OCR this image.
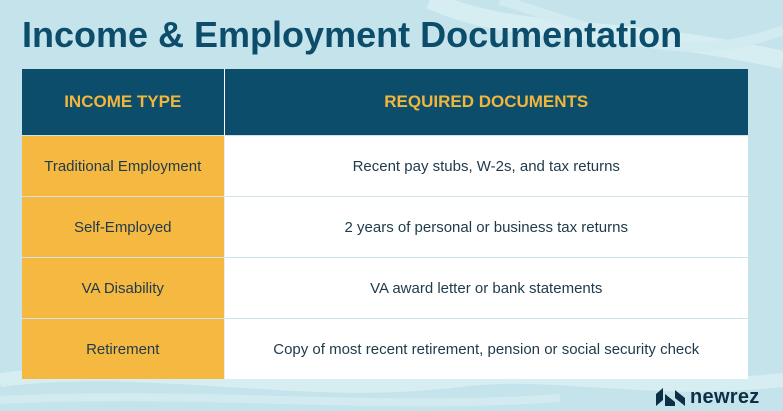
Income & Employment Documentation
INCOME TYPE	REQUIRED DOCUMENTS
Traditional Employment	Recent pay stubs, W-2s, and tax returns
Self-Employed	2 years of personal or business tax returns
VA Disability	VA award letter or bank statements
Retirement	Copy of most recent retirement, pension or social security check
newrez
